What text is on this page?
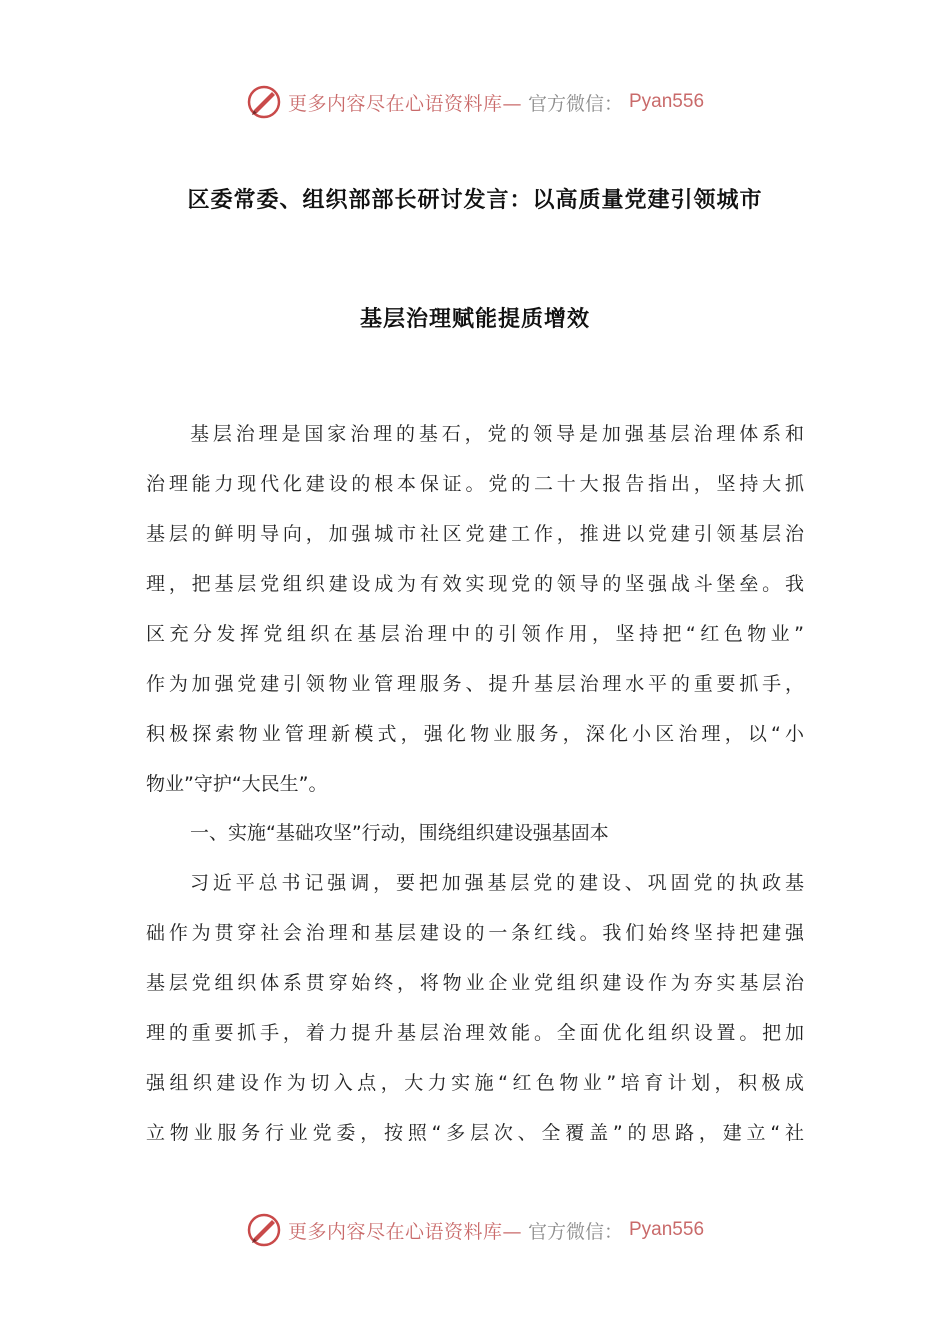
更多内容尽在心语资料库— 官方微信： Pyan556
区委常委、组织部部长研讨发言：以高质量党建引领城市
基层治理赋能提质增效
基层治理是国家治理的基石，党的领导是加强基层治理体系和
治理能力现代化建设的根本保证。党的二十大报告指出，坚持大抓
基层的鲜明导向，加强城市社区党建工作，推进以党建引领基层治
理，把基层党组织建设成为有效实现党的领导的坚强战斗堡垒。我
区充分发挥党组织在基层治理中的引领作用，坚持把“红色物业”
作为加强党建引领物业管理服务、提升基层治理水平的重要抓手，
积极探索物业管理新模式，强化物业服务，深化小区治理，以“小
物业”守护“大民生”。
一、实施“基础攻坚”行动，围绕组织建设强基固本
习近平总书记强调，要把加强基层党的建设、巩固党的执政基
础作为贯穿社会治理和基层建设的一条红线。我们始终坚持把建强
基层党组织体系贯穿始终，将物业企业党组织建设作为夯实基层治
理的重要抓手，着力提升基层治理效能。全面优化组织设置。把加
强组织建设作为切入点，大力实施“红色物业”培育计划，积极成
立物业服务行业党委，按照“多层次、全覆盖”的思路，建立“社
更多内容尽在心语资料库— 官方微信： Pyan556
